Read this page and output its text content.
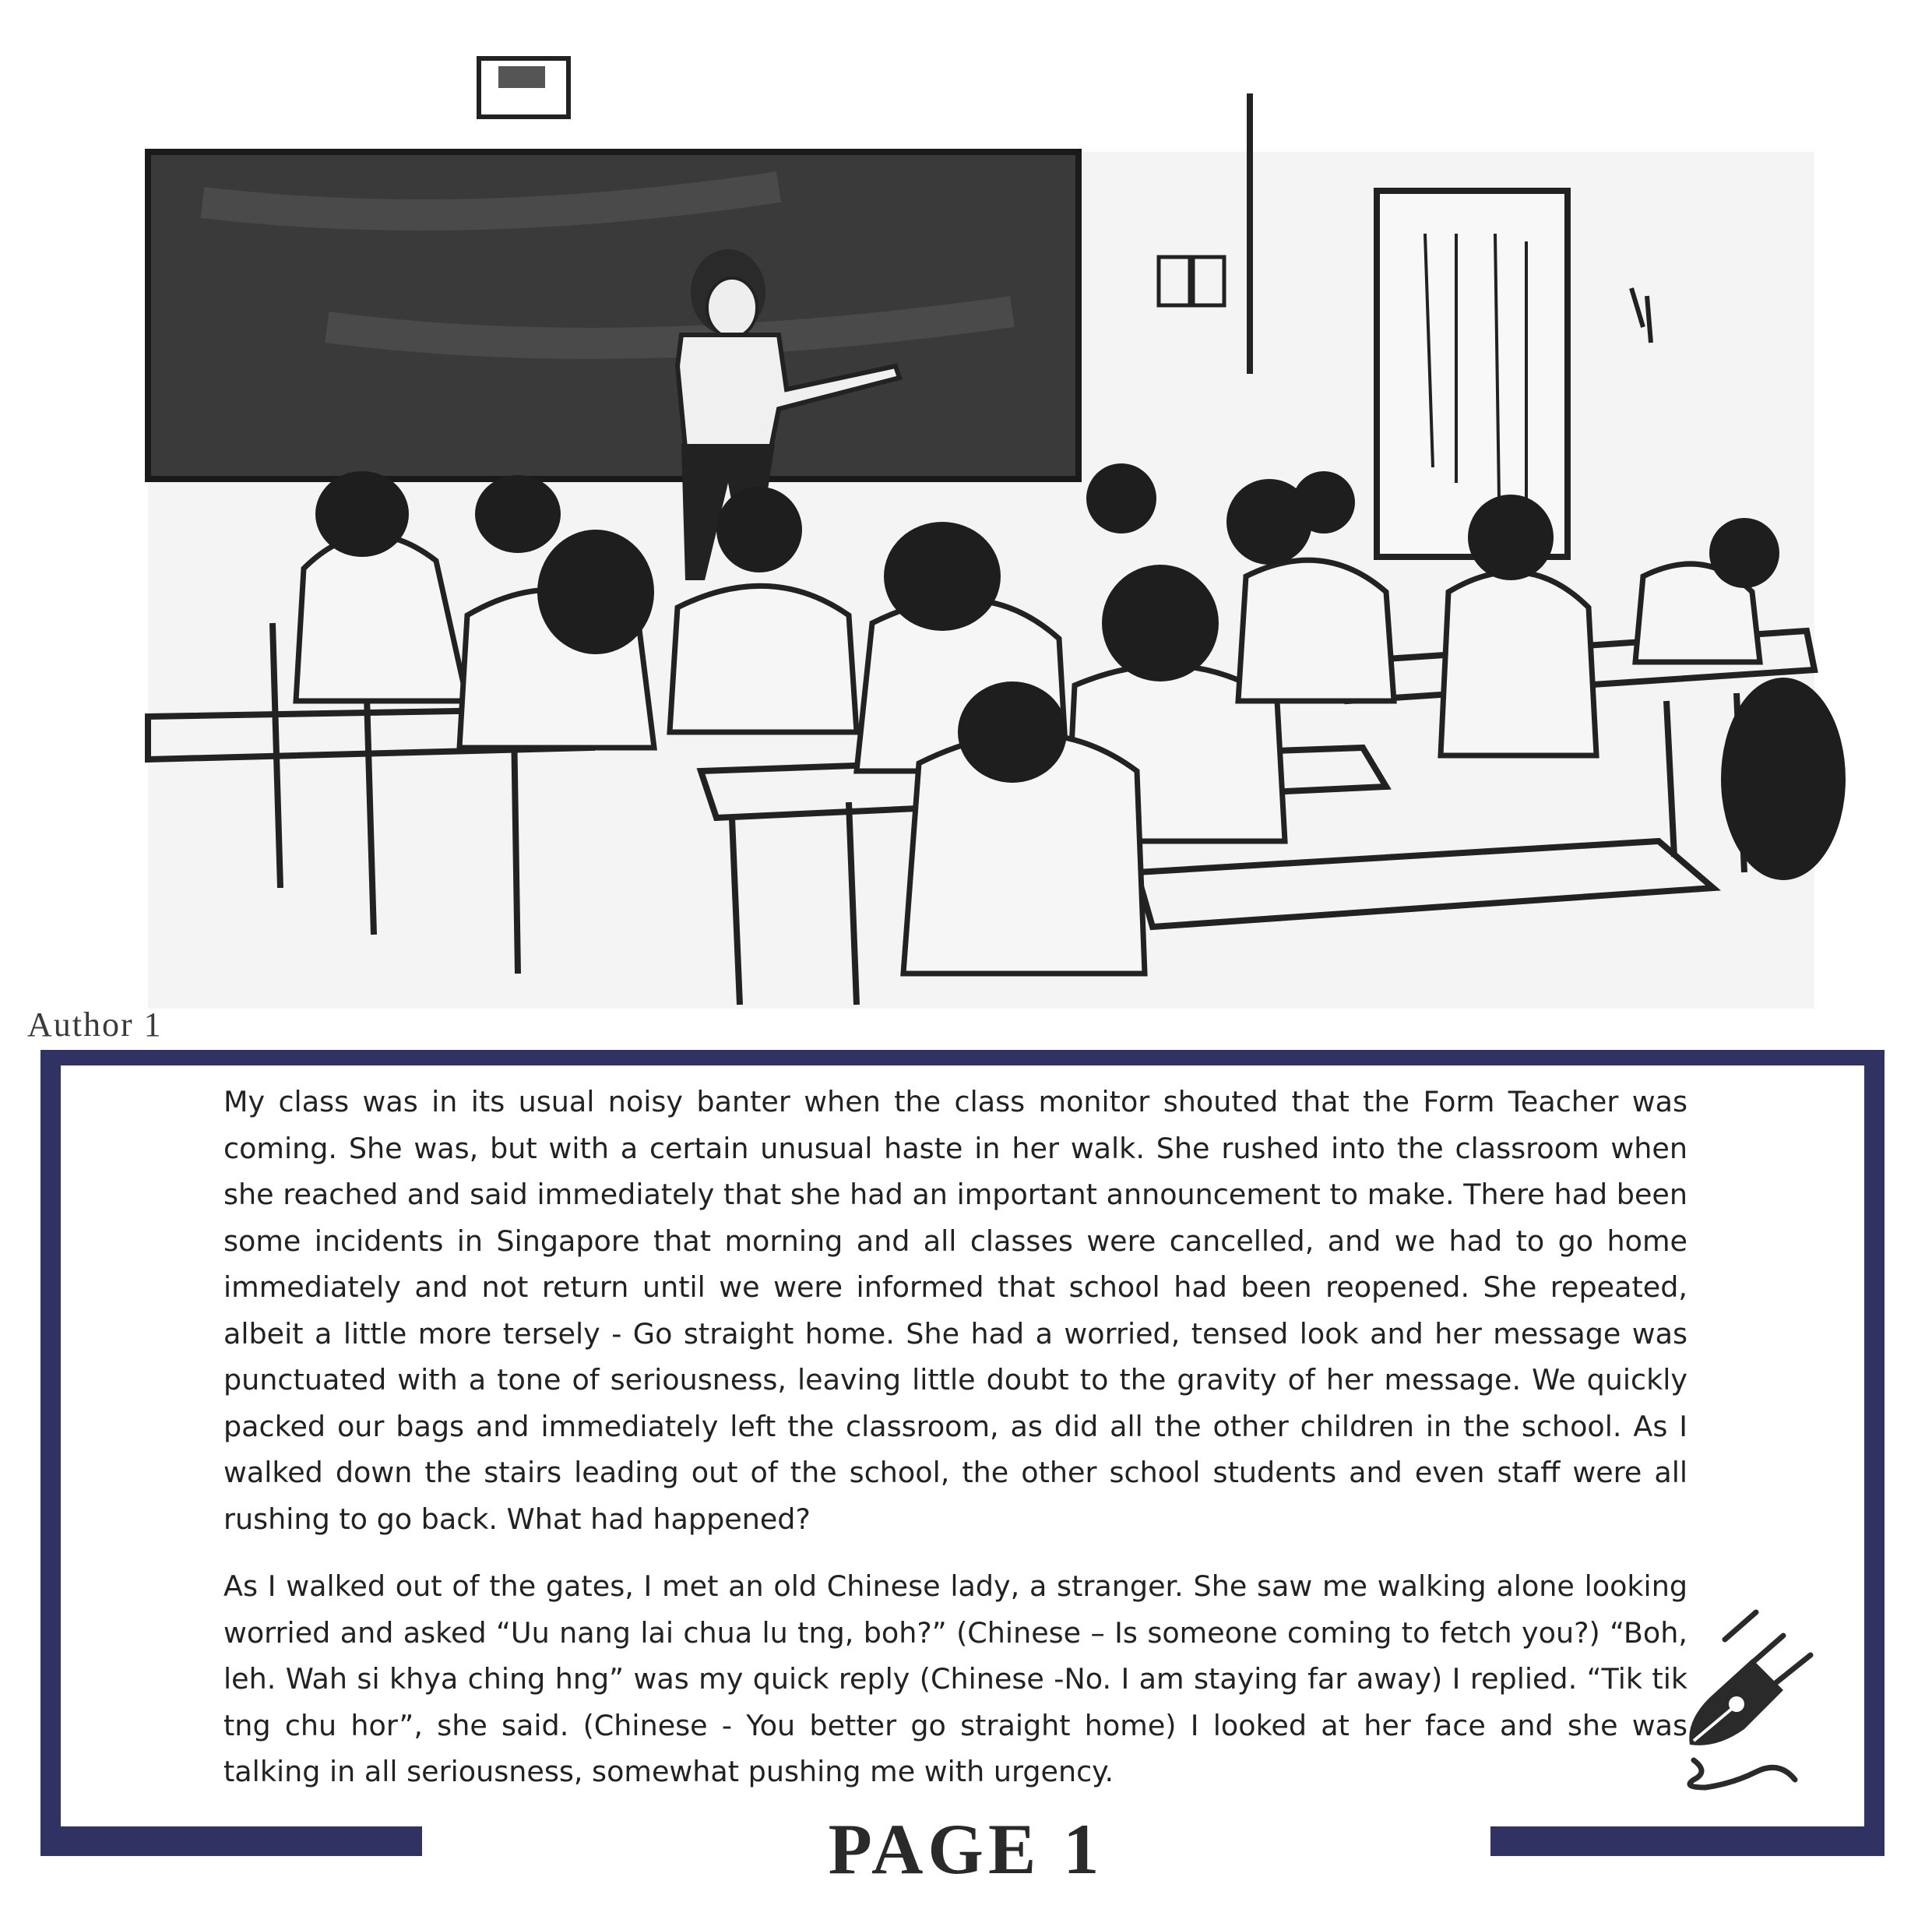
Author 1

My class was in its usual noisy banter when the class monitor shouted that the Form Teacher was coming. She was, but with a certain unusual haste in her walk. She rushed into the classroom when she reached and said immediately that she had an important announcement to make. There had been some incidents in Singapore that morning and all classes were cancelled, and we had to go home immediately and not return until we were informed that school had been reopened. She repeated, albeit a little more tersely - Go straight home. She had a worried, tensed look and her message was punctuated with a tone of seriousness, leaving little doubt to the gravity of her message. We quickly packed our bags and immediately left the classroom, as did all the other children in the school. As I walked down the stairs leading out of the school, the other school students and even staff were all rushing to go back. What had happened?

As I walked out of the gates, I met an old Chinese lady, a stranger. She saw me walking alone looking worried and asked “Uu nang lai chua lu tng, boh?” (Chinese – Is someone coming to fetch you?) “Boh, leh. Wah si khya ching hng” was my quick reply (Chinese -No. I am staying far away) I replied. “Tik tik tng chu hor”, she said. (Chinese - You better go straight home) I looked at her face and she was talking in all seriousness, somewhat pushing me with urgency.

PAGE 1
